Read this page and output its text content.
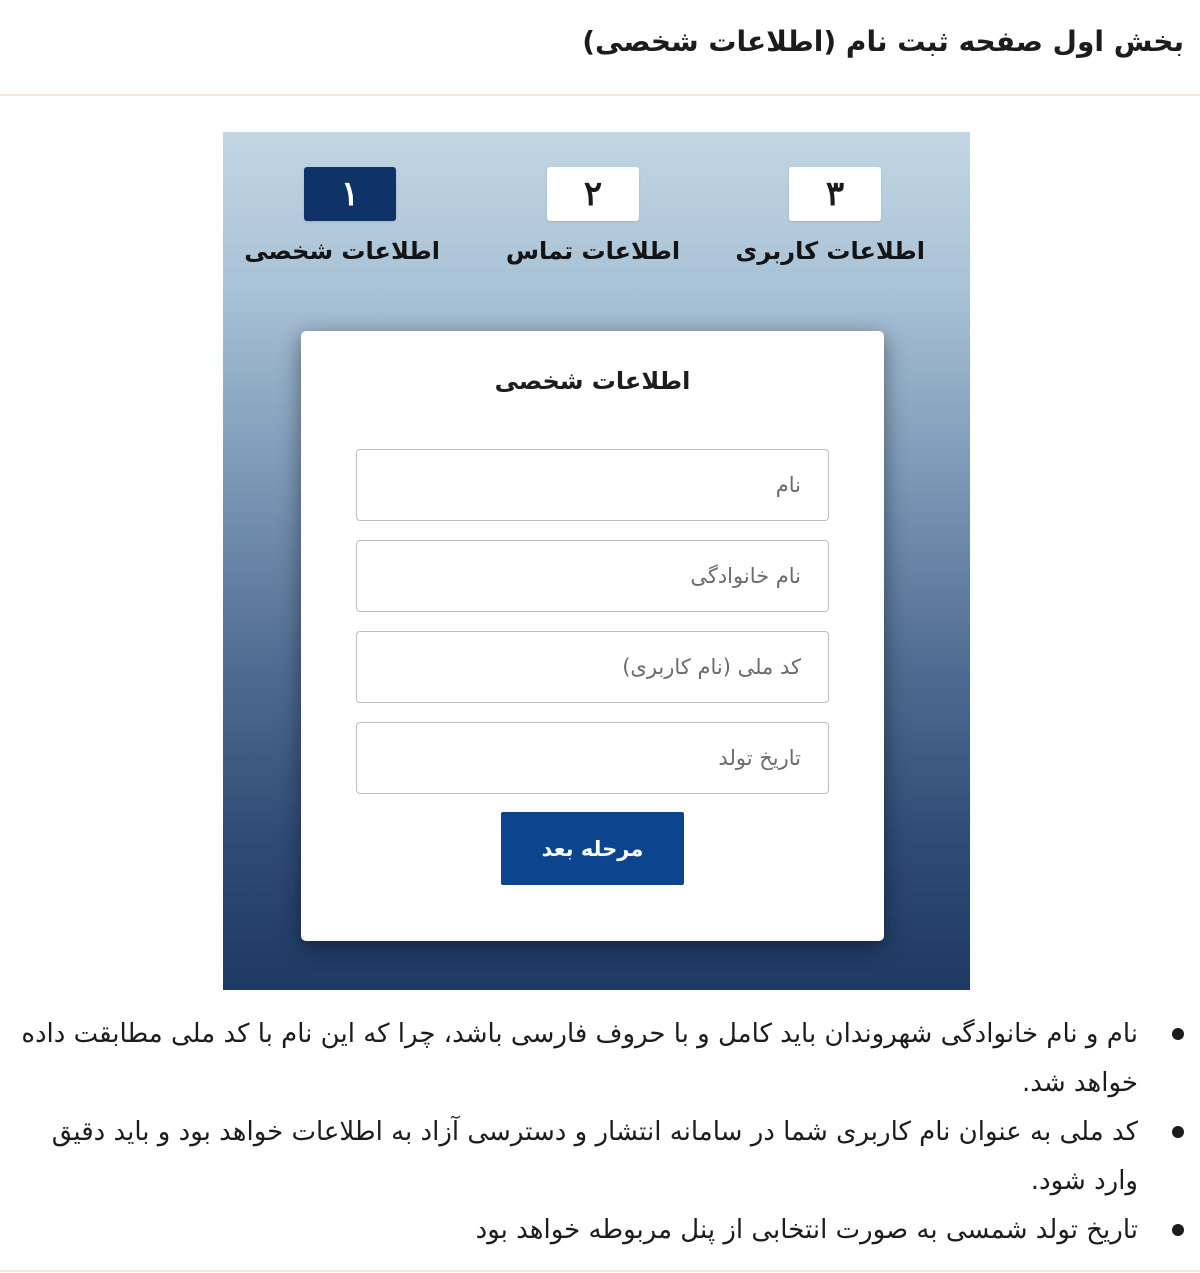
بخش اول صفحه ثبت نام (اطلاعات شخصی)
۳
اطلاعات کاربری
۲
اطلاعات تماس
۱
اطلاعات شخصی
اطلاعات شخصی
نام
نام خانوادگی
کد ملی (نام کاربری)
تاریخ تولد
مرحله بعد
نام و نام خانوادگی شهروندان باید کامل و با حروف فارسی باشد، چرا که این نام با کد ملی مطابقت داده خواهد شد.
کد ملی به عنوان نام کاربری شما در سامانه انتشار و دسترسی آزاد به اطلاعات خواهد بود و باید دقیق وارد شود.
تاریخ تولد شمسی به صورت انتخابی از پنل مربوطه خواهد بود
